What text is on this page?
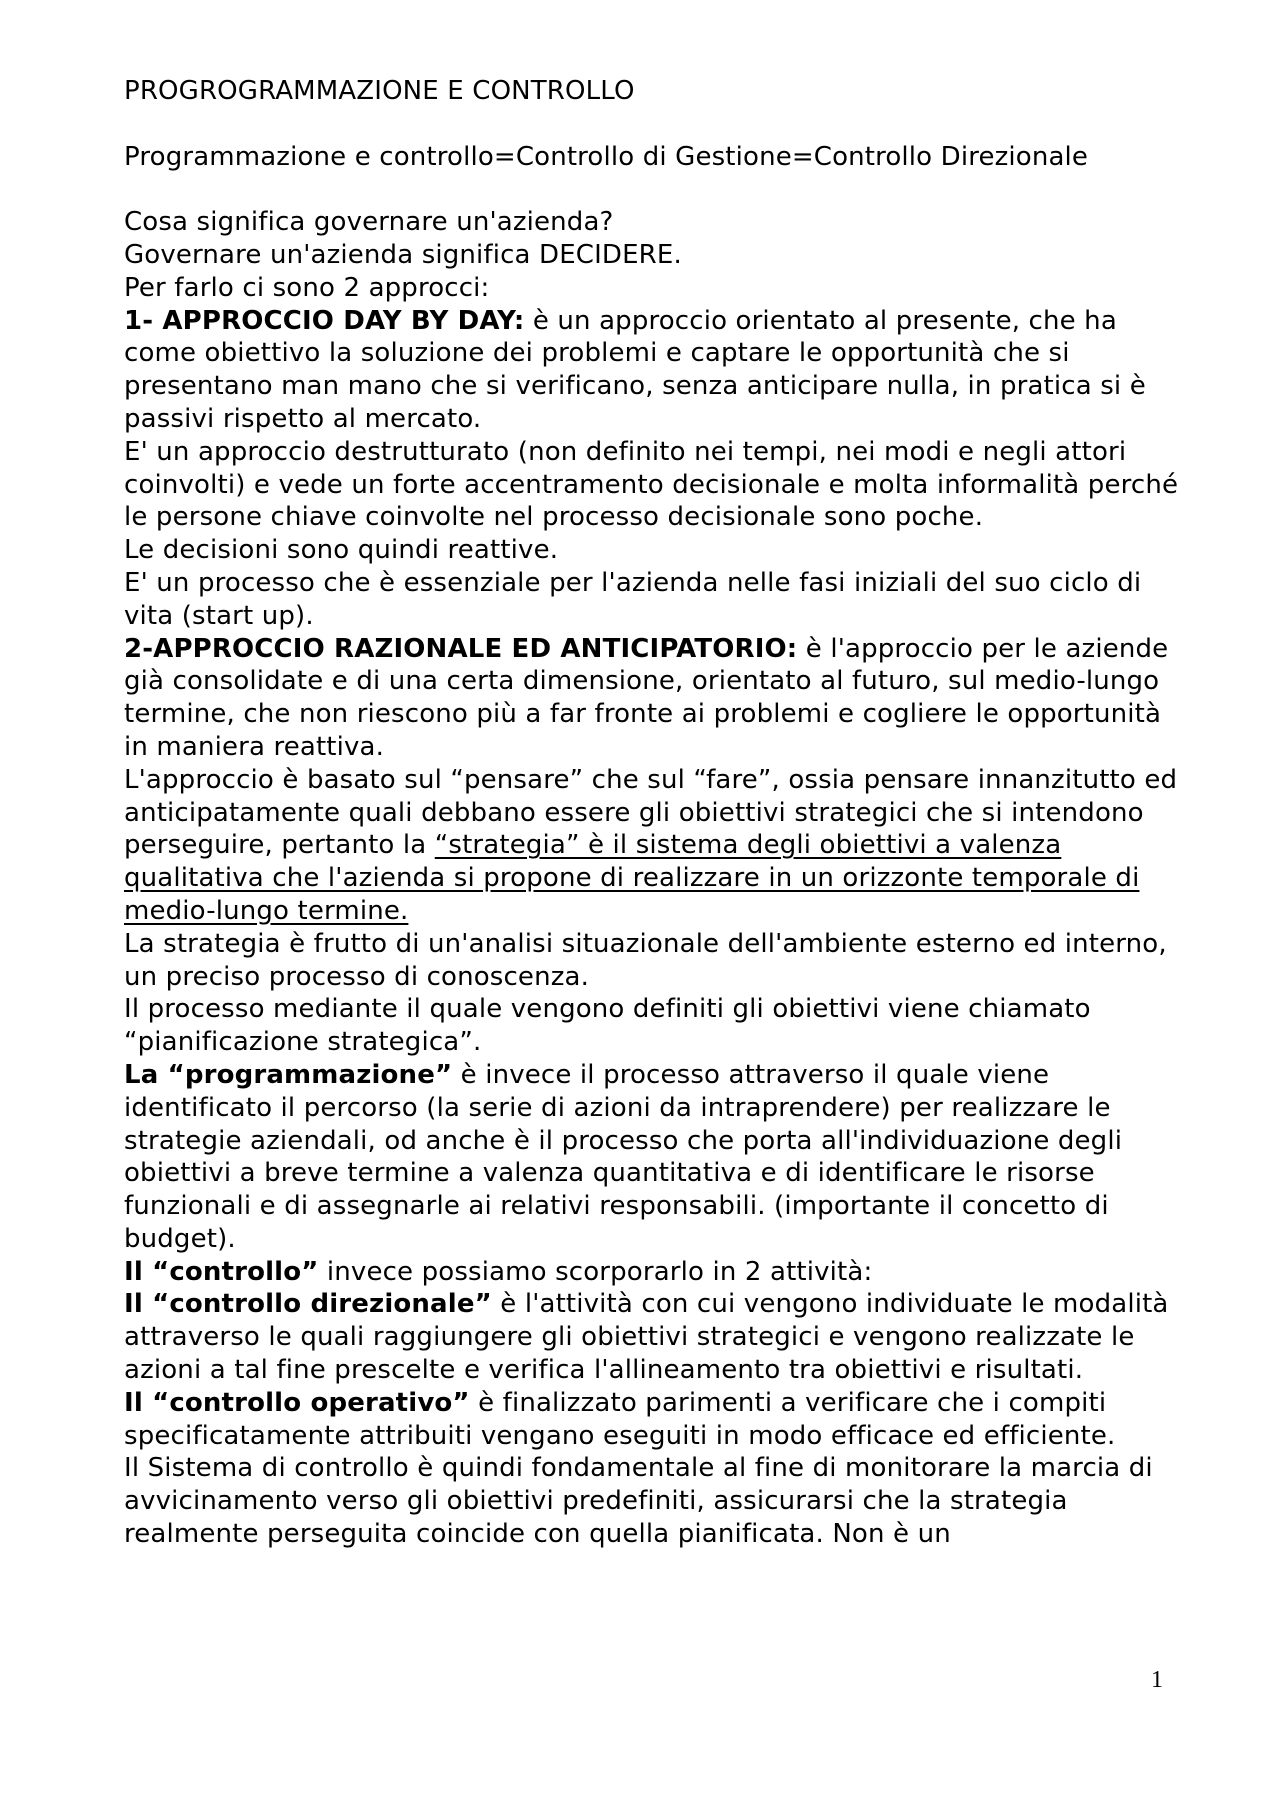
PROGROGRAMMAZIONE E CONTROLLO

Programmazione e controllo=Controllo di Gestione=Controllo Direzionale

Cosa significa governare un'azienda?

Governare un'azienda significa DECIDERE.

Per farlo ci sono 2 approcci:

1- APPROCCIO DAY BY DAY: è un approccio orientato al presente, che ha come obiettivo la soluzione dei problemi e captare le opportunità che si presentano man mano che si verificano, senza anticipare nulla, in pratica si è passivi rispetto al mercato.

E' un approccio destrutturato (non definito nei tempi, nei modi e negli attori coinvolti) e vede un forte accentramento decisionale e molta informalità perché le persone chiave coinvolte nel processo decisionale sono poche.

Le decisioni sono quindi reattive.

E' un processo che è essenziale per l'azienda nelle fasi iniziali del suo ciclo di vita (start up).

2-APPROCCIO RAZIONALE ED ANTICIPATORIO: è l'approccio per le aziende già consolidate e di una certa dimensione, orientato al futuro, sul medio-lungo termine, che non riescono più a far fronte ai problemi e cogliere le opportunità in maniera reattiva.

L'approccio è basato sul “pensare” che sul “fare”, ossia pensare innanzitutto ed anticipatamente quali debbano essere gli obiettivi strategici che si intendono perseguire, pertanto la “strategia” è il sistema degli obiettivi a valenza qualitativa che l'azienda si propone di realizzare in un orizzonte temporale di medio-lungo termine.

La strategia è frutto di un'analisi situazionale dell'ambiente esterno ed interno, un preciso processo di conoscenza.

Il processo mediante il quale vengono definiti gli obiettivi viene chiamato “pianificazione strategica”.

La “programmazione” è invece il processo attraverso il quale viene identificato il percorso (la serie di azioni da intraprendere) per realizzare le strategie aziendali, od anche è il processo che porta all'individuazione degli obiettivi a breve termine a valenza quantitativa e di identificare le risorse funzionali e di assegnarle ai relativi responsabili. (importante il concetto di budget).

Il “controllo” invece possiamo scorporarlo in 2 attività:

Il “controllo direzionale” è l'attività con cui vengono individuate le modalità attraverso le quali raggiungere gli obiettivi strategici e vengono realizzate le azioni a tal fine prescelte e verifica l'allineamento tra obiettivi e risultati.

Il “controllo operativo” è finalizzato parimenti a verificare che i compiti specificatamente attribuiti vengano eseguiti in modo efficace ed efficiente.

Il Sistema di controllo è quindi fondamentale al fine di monitorare la marcia di avvicinamento verso gli obiettivi predefiniti, assicurarsi che la strategia realmente perseguita coincide con quella pianificata. Non è un

1
